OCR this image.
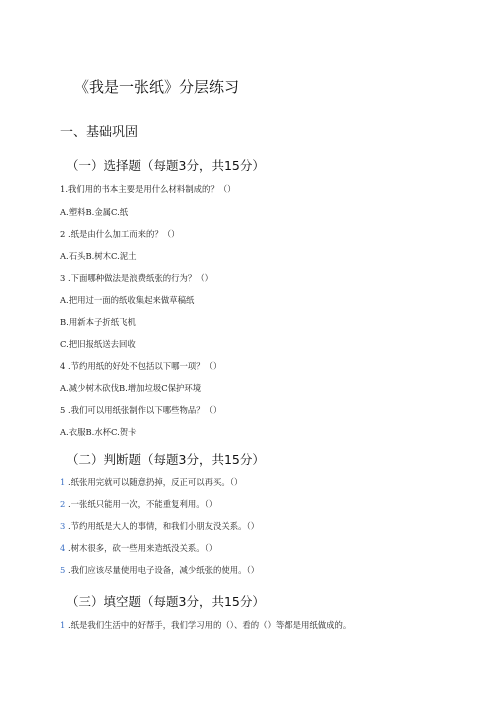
《我是一张纸》分层练习
一、基础巩固
（一）选择题（每题3分，共15分）
1.我们用的书本主要是用什么材料制成的？（）
A.塑料B.金属C.纸
2 .纸是由什么加工而来的？（）
A.石头B.树木C.泥土
3 .下面哪种做法是浪费纸张的行为？（）
A.把用过一面的纸收集起来做草稿纸
B.用新本子折纸飞机
C.把旧报纸送去回收
4 .节约用纸的好处不包括以下哪一项？（）
A.减少树木砍伐B.增加垃圾C保护环境
5 .我们可以用纸张制作以下哪些物品？（）
A.衣服B.水杯C.贺卡
（二）判断题（每题3分，共15分）
1 .纸张用完就可以随意扔掉，反正可以再买。（）
2 .一张纸只能用一次，不能重复利用。（）
3 .节约用纸是大人的事情，和我们小朋友没关系。（）
4 .树木很多，砍一些用来造纸没关系。（）
5 .我们应该尽量使用电子设备，减少纸张的使用。（）
（三）填空题（每题3分，共15分）
1 .纸是我们生活中的好帮手，我们学习用的（）、看的（）等都是用纸做成的。
